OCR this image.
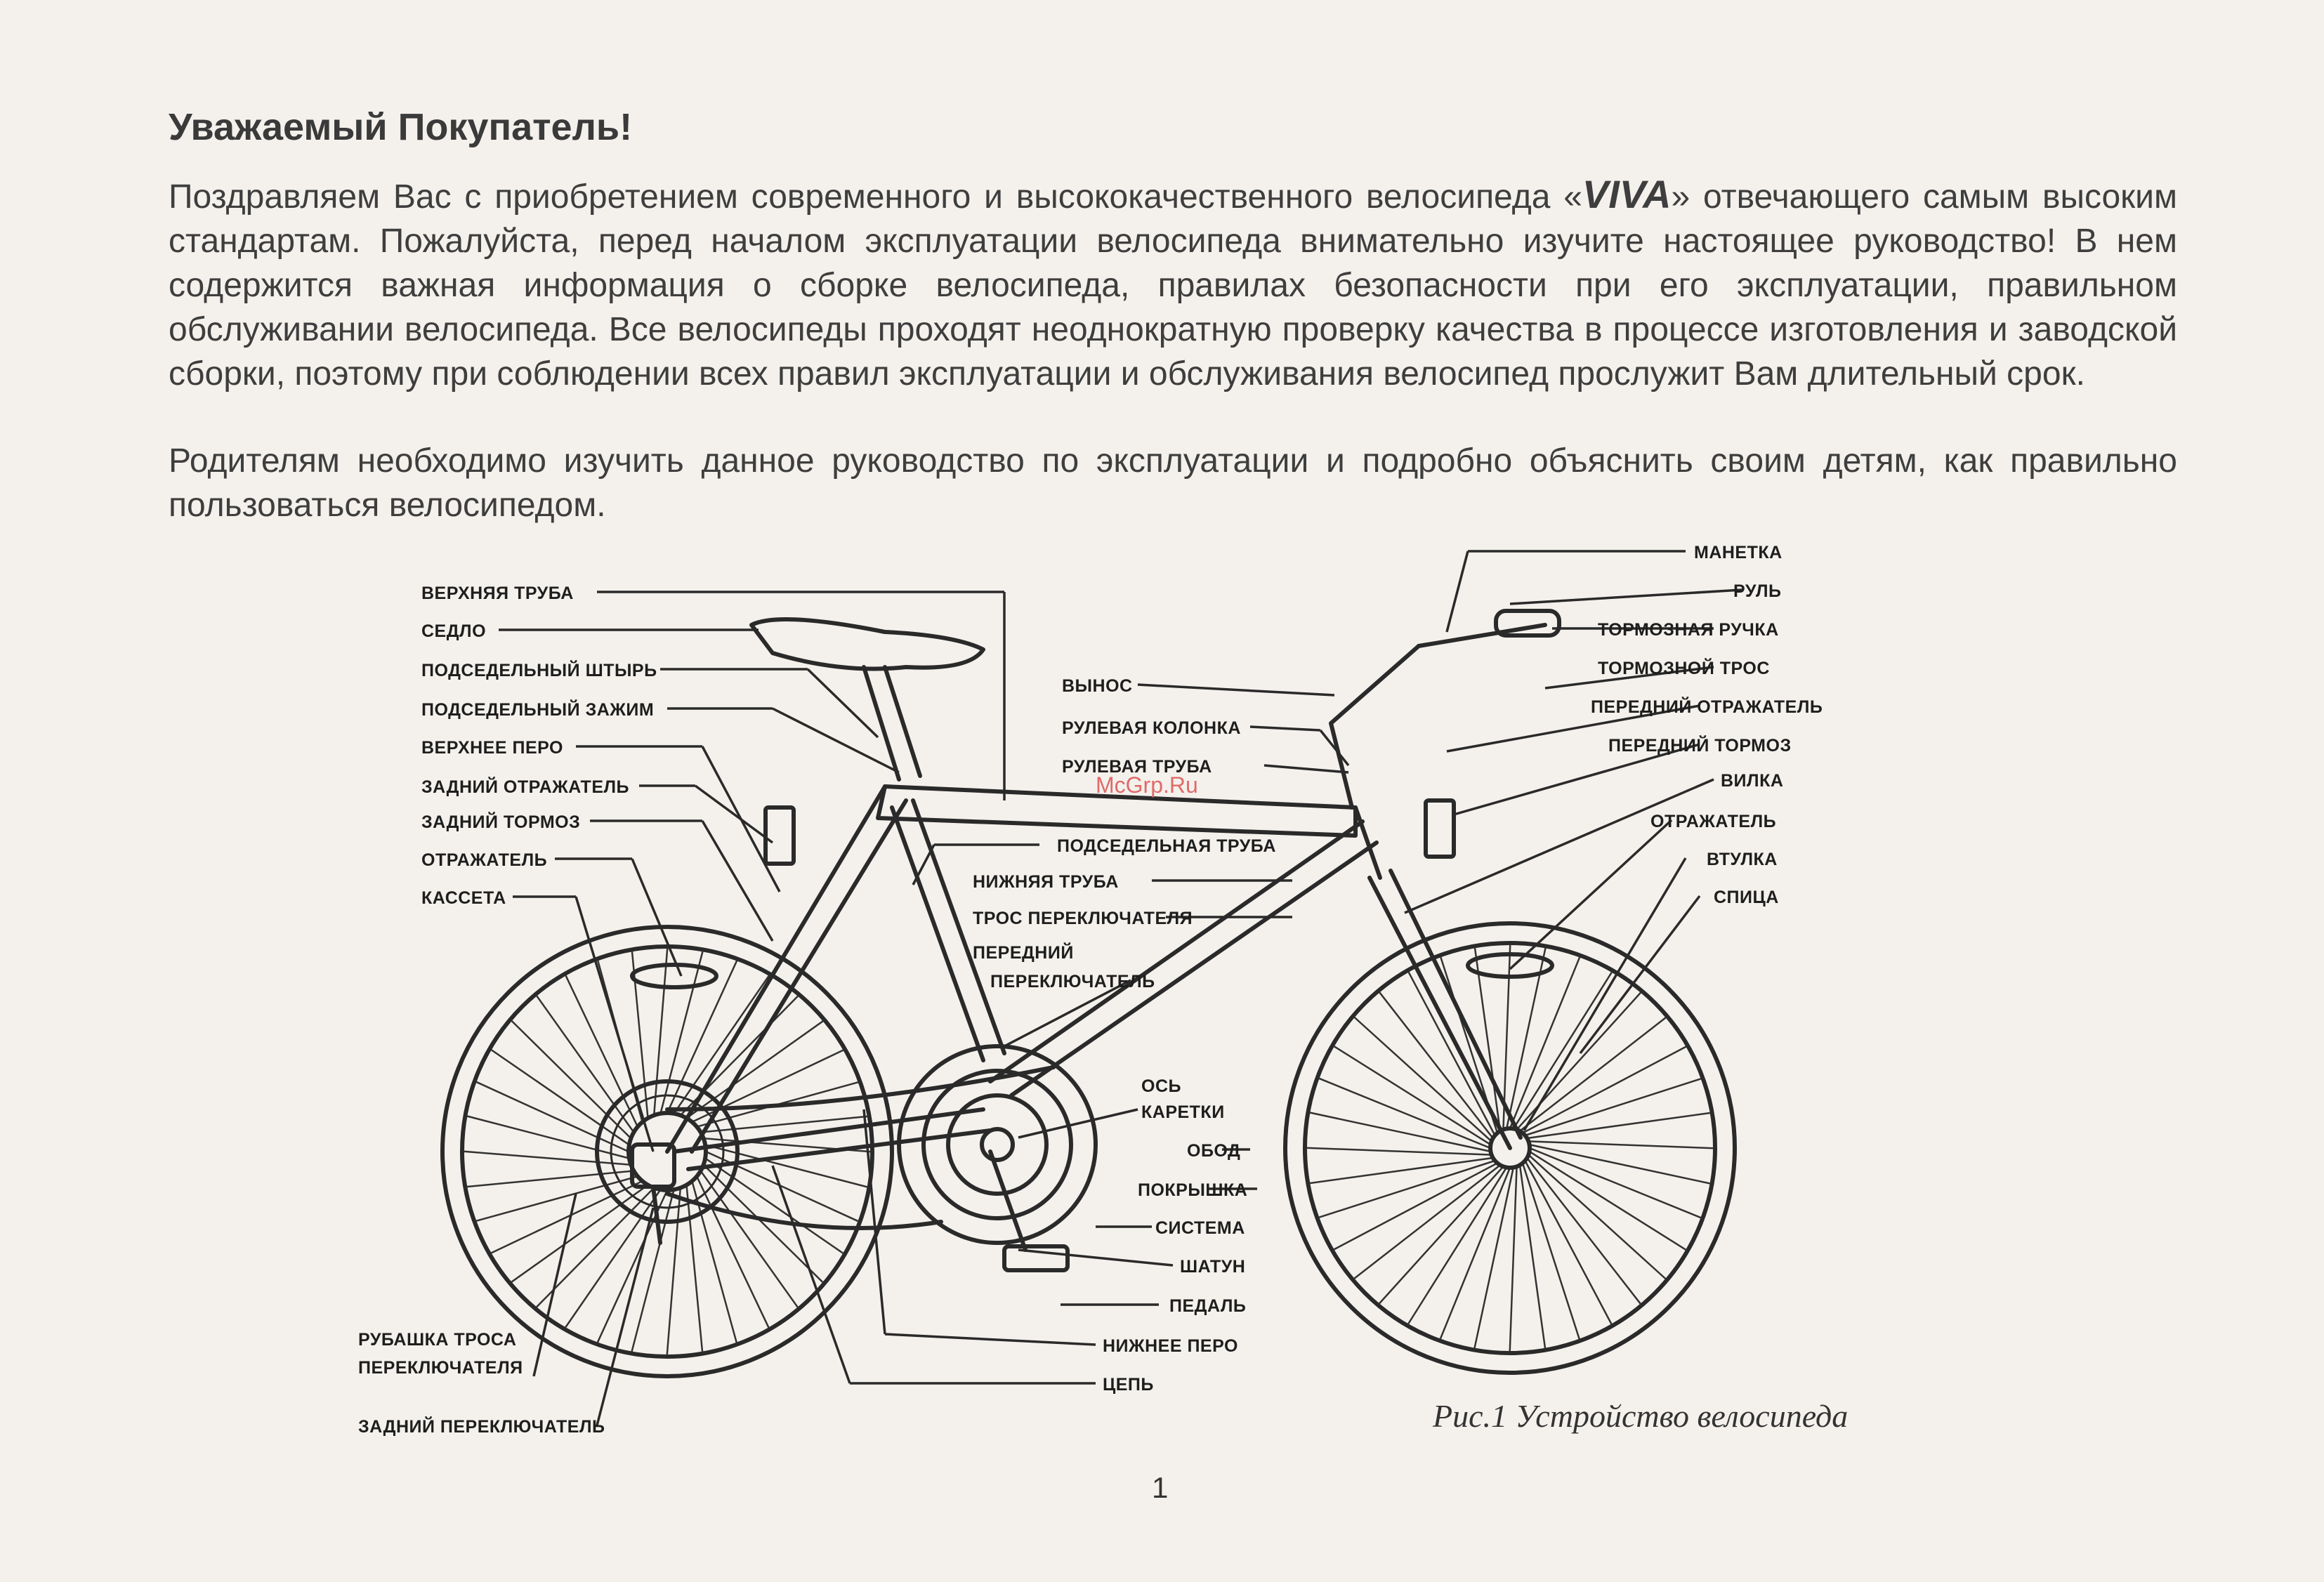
Уважаемый Покупатель!

Поздравляем Вас с приобретением современного и высококачественного велосипеда «VIVA» отвечающего самым высоким стандартам. Пожалуйста, перед началом эксплуатации велосипеда внимательно изучите настоящее руководство! В нем содержится важная информация о сборке велосипеда, правилах безопасности при его эксплуатации, правильном обслуживании велосипеда. Все велосипеды проходят неоднократную проверку качества в процессе изготовления и заводской сборки, поэтому при соблюдении всех правил эксплуатации и обслуживания велосипед прослужит Вам длительный срок.

Родителям необходимо изучить данное руководство по эксплуатации и подробно объяснить своим детям, как правильно пользоваться велосипедом.

ВЕРХНЯЯ ТРУБА
СЕДЛО
ПОДСЕДЕЛЬНЫЙ ШТЫРЬ
ПОДСЕДЕЛЬНЫЙ ЗАЖИМ
ВЕРХНЕЕ ПЕРО
ЗАДНИЙ ОТРАЖАТЕЛЬ
ЗАДНИЙ ТОРМОЗ
ОТРАЖАТЕЛЬ
КАССЕТА
ВЫНОС
РУЛЕВАЯ КОЛОНКА
РУЛЕВАЯ ТРУБА
ПОДСЕДЕЛЬНАЯ ТРУБА
НИЖНЯЯ ТРУБА
ТРОС ПЕРЕКЛЮЧАТЕЛЯ
ПЕРЕДНИЙ
ПЕРЕКЛЮЧАТЕЛЬ
ОСЬ
КАРЕТКИ
ОБОД
ПОКРЫШКА
СИСТЕМА
ШАТУН
ПЕДАЛЬ
НИЖНЕЕ ПЕРО
ЦЕПЬ
МАНЕТКА
РУЛЬ
ТОРМОЗНАЯ РУЧКА
ТОРМОЗНОЙ ТРОС
ПЕРЕДНИЙ ОТРАЖАТЕЛЬ
ПЕРЕДНИЙ ТОРМОЗ
ВИЛКА
ОТРАЖАТЕЛЬ
ВТУЛКА
СПИЦА
РУБАШКА ТРОСА
ПЕРЕКЛЮЧАТЕЛЯ
ЗАДНИЙ ПЕРЕКЛЮЧАТЕЛЬ
McGrp.Ru
Рис.1 Устройство велосипеда
1
